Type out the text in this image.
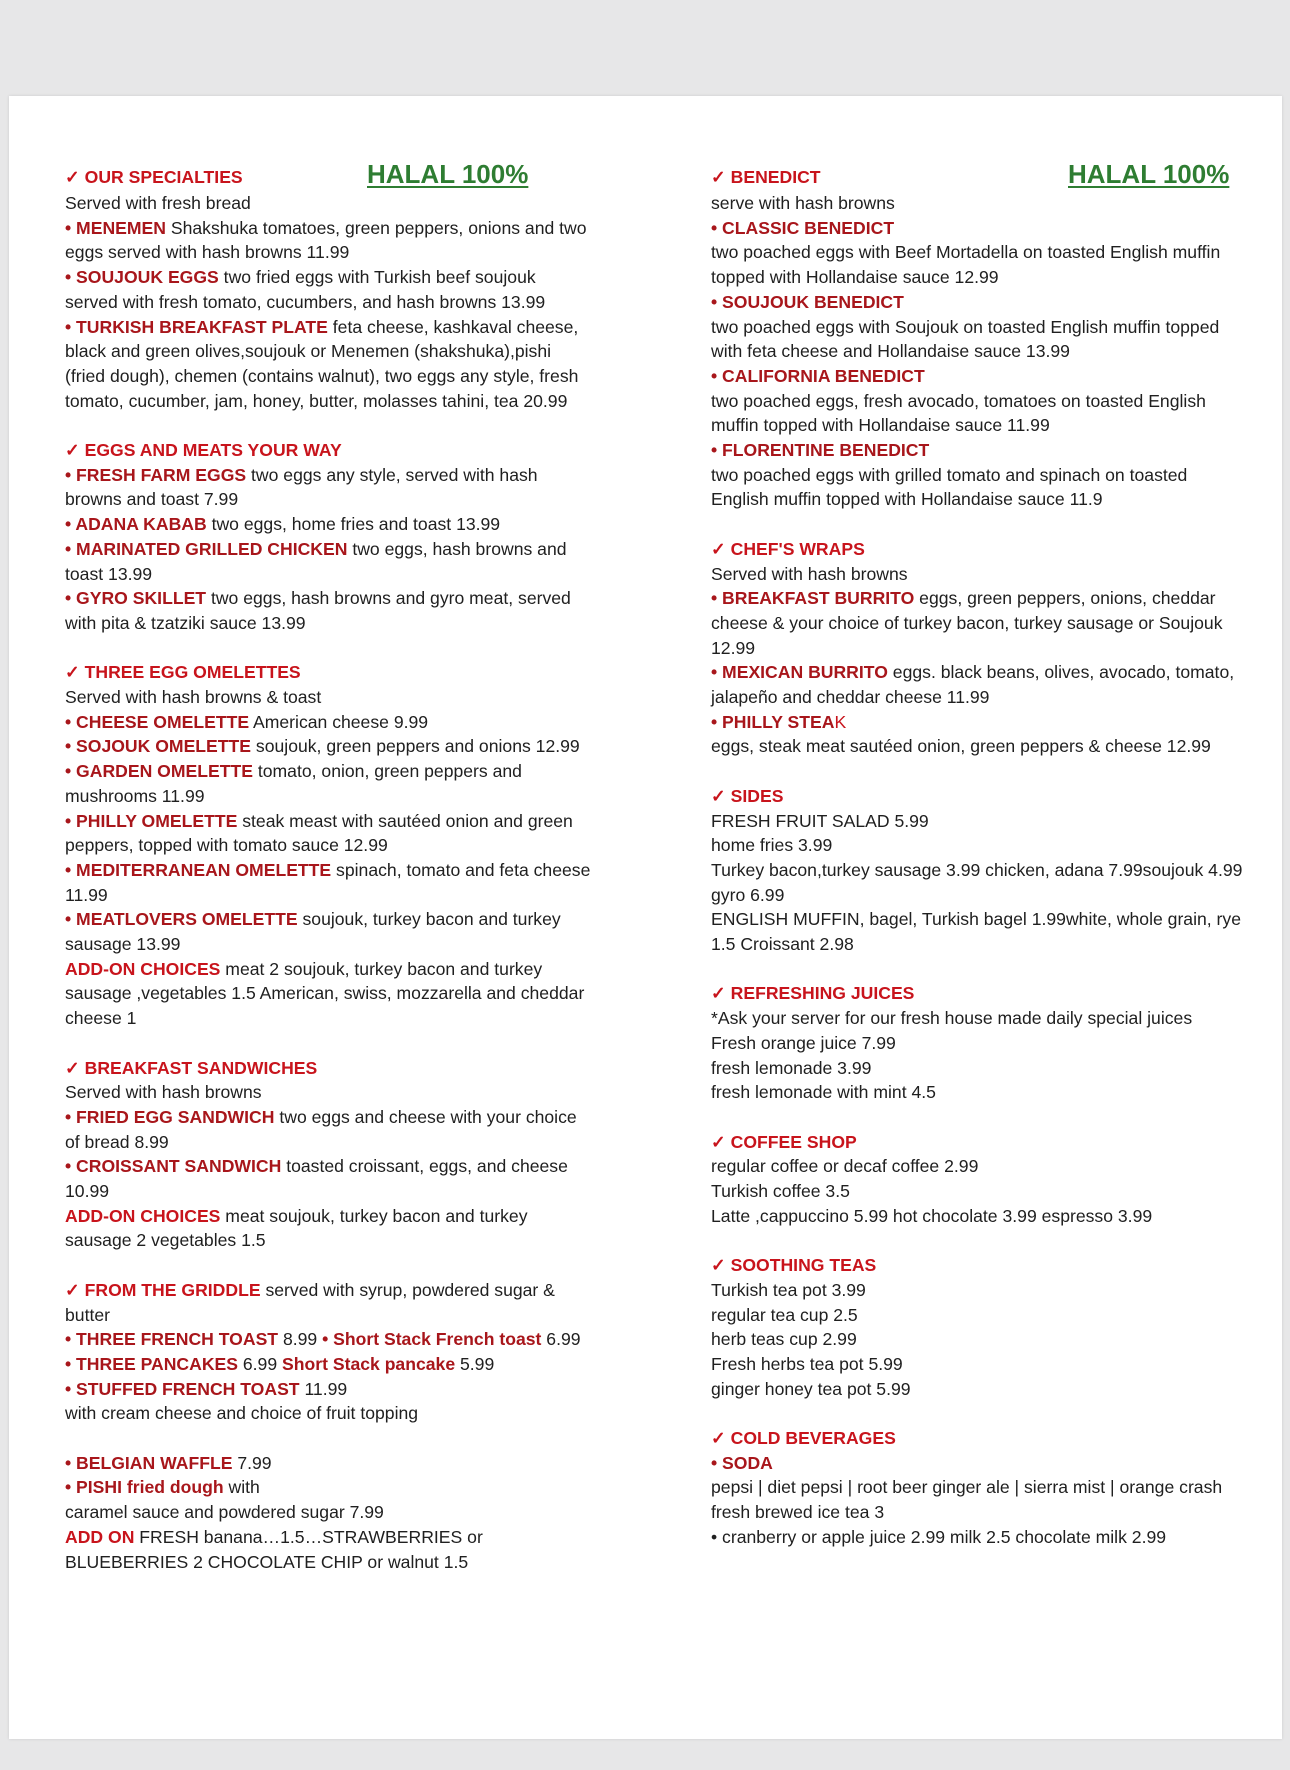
✓ OUR SPECIALTIES	HALAL 100%
Served with fresh bread
• MENEMEN Shakshuka tomatoes, green peppers, onions and two
eggs served with hash browns 11.99
• SOUJOUK EGGS two fried eggs with Turkish beef soujouk
served with fresh tomato, cucumbers, and hash browns 13.99
• TURKISH BREAKFAST PLATE feta cheese, kashkaval cheese,
black and green olives,soujouk or Menemen (shakshuka),pishi
(fried dough), chemen (contains walnut), two eggs any style, fresh
tomato, cucumber, jam, honey, butter, molasses tahini, tea 20.99
✓ EGGS AND MEATS YOUR WAY
• FRESH FARM EGGS two eggs any style, served with hash
browns and toast 7.99
• ADANA KABAB two eggs, home fries and toast 13.99
• MARINATED GRILLED CHICKEN two eggs, hash browns and
toast 13.99
• GYRO SKILLET two eggs, hash browns and gyro meat, served
with pita & tzatziki sauce 13.99
✓ THREE EGG OMELETTES
Served with hash browns & toast
• CHEESE OMELETTE American cheese 9.99
• SOJOUK OMELETTE soujouk, green peppers and onions 12.99
• GARDEN OMELETTE tomato, onion, green peppers and
mushrooms 11.99
• PHILLY OMELETTE steak meast with sautéed onion and green
peppers, topped with tomato sauce 12.99
• MEDITERRANEAN OMELETTE spinach, tomato and feta cheese
11.99
• MEATLOVERS OMELETTE soujouk, turkey bacon and turkey
sausage 13.99
ADD-ON CHOICES meat 2 soujouk, turkey bacon and turkey
sausage ,vegetables 1.5 American, swiss, mozzarella and cheddar
cheese 1
✓ BREAKFAST SANDWICHES
Served with hash browns
• FRIED EGG SANDWICH two eggs and cheese with your choice
of bread 8.99
• CROISSANT SANDWICH toasted croissant, eggs, and cheese
10.99
ADD-ON CHOICES meat soujouk, turkey bacon and turkey
sausage 2 vegetables 1.5
✓ FROM THE GRIDDLE served with syrup, powdered sugar &
butter
• THREE FRENCH TOAST 8.99 • Short Stack French toast 6.99
• THREE PANCAKES 6.99 Short Stack pancake 5.99
• STUFFED FRENCH TOAST 11.99
with cream cheese and choice of fruit topping
• BELGIAN WAFFLE 7.99
• PISHI fried dough with
caramel sauce and powdered sugar 7.99
ADD ON FRESH banana…1.5…STRAWBERRIES or
BLUEBERRIES 2 CHOCOLATE CHIP or walnut 1.5
✓ BENEDICT	HALAL 100%
serve with hash browns
• CLASSIC BENEDICT
two poached eggs with Beef Mortadella on toasted English muffin
topped with Hollandaise sauce 12.99
• SOUJOUK BENEDICT
two poached eggs with Soujouk on toasted English muffin topped
with feta cheese and Hollandaise sauce 13.99
• CALIFORNIA BENEDICT
two poached eggs, fresh avocado, tomatoes on toasted English
muffin topped with Hollandaise sauce 11.99
• FLORENTINE BENEDICT
two poached eggs with grilled tomato and spinach on toasted
English muffin topped with Hollandaise sauce 11.9
✓ CHEF'S WRAPS
Served with hash browns
• BREAKFAST BURRITO eggs, green peppers, onions, cheddar
cheese & your choice of turkey bacon, turkey sausage or Soujouk
12.99
• MEXICAN BURRITO eggs. black beans, olives, avocado, tomato,
jalapeño and cheddar cheese 11.99
• PHILLY STEAK
eggs, steak meat sautéed onion, green peppers & cheese 12.99
✓ SIDES
FRESH FRUIT SALAD 5.99
home fries 3.99
Turkey bacon,turkey sausage 3.99 chicken, adana 7.99soujouk 4.99
gyro 6.99
ENGLISH MUFFIN, bagel, Turkish bagel 1.99white, whole grain, rye
1.5 Croissant 2.98
✓ REFRESHING JUICES
*Ask your server for our fresh house made daily special juices
Fresh orange juice 7.99
fresh lemonade 3.99
fresh lemonade with mint 4.5
✓ COFFEE SHOP
regular coffee or decaf coffee 2.99
Turkish coffee 3.5
Latte ,cappuccino 5.99 hot chocolate 3.99 espresso 3.99
✓ SOOTHING TEAS
Turkish tea pot 3.99
regular tea cup 2.5
herb teas cup 2.99
Fresh herbs tea pot 5.99
ginger honey tea pot 5.99
✓ COLD BEVERAGES
• SODA
pepsi | diet pepsi | root beer ginger ale | sierra mist | orange crash
fresh brewed ice tea 3
• cranberry or apple juice 2.99 milk 2.5 chocolate milk 2.99
